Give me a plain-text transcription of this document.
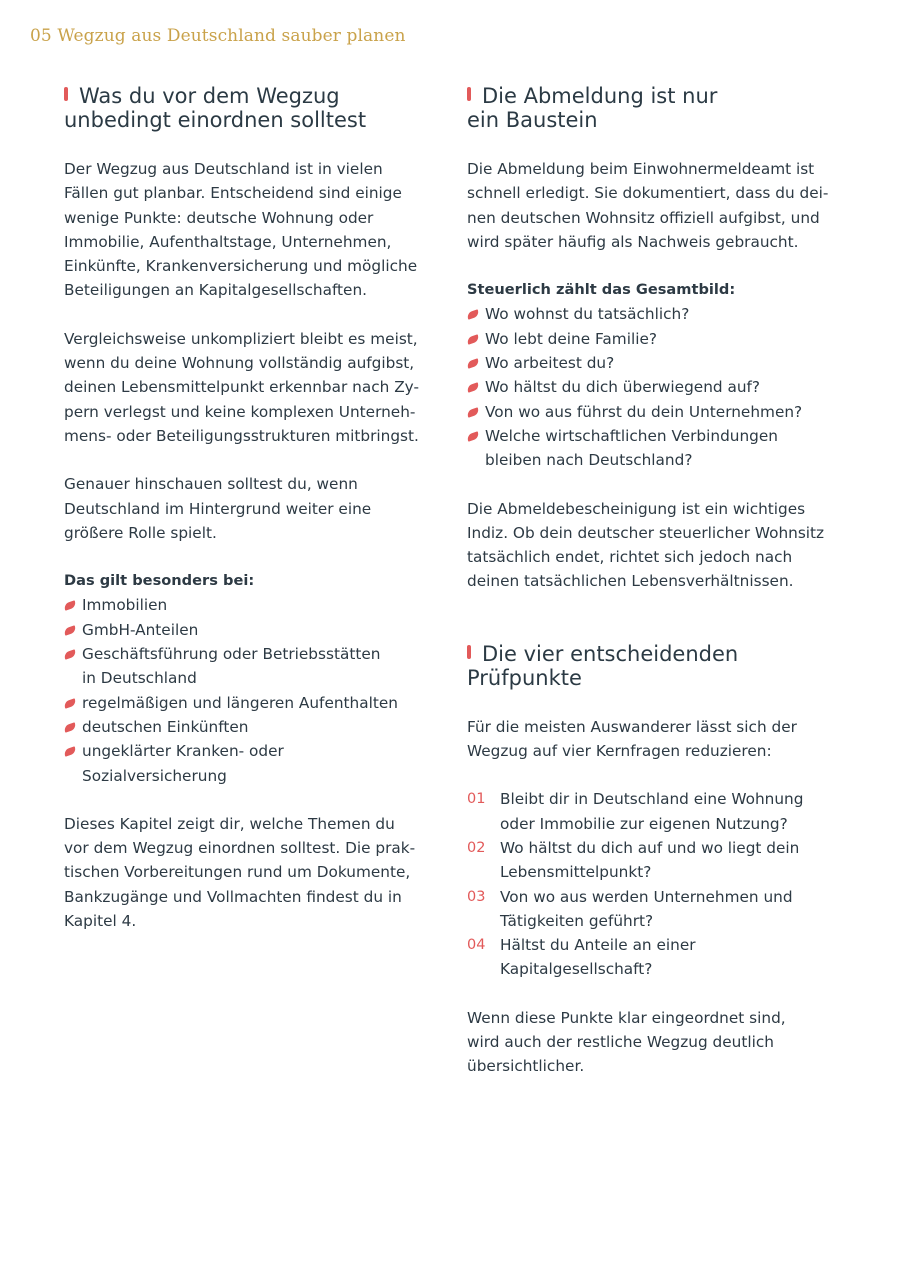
05 Wegzug aus Deutschland sauber planen
Was du vor dem Wegzug
unbedingt einordnen solltest

Der Wegzug aus Deutschland ist in vielen
Fällen gut planbar. Entscheidend sind einige
wenige Punkte: deutsche Wohnung oder
Immobilie, Aufenthaltstage, Unternehmen,
Einkünfte, Krankenversicherung und mögliche
Beteiligungen an Kapitalgesellschaften.

Vergleichsweise unkompliziert bleibt es meist,
wenn du deine Wohnung vollständig aufgibst,
deinen Lebensmittelpunkt erkennbar nach Zy-
pern verlegst und keine komplexen Unterneh-
mens- oder Beteiligungsstrukturen mitbringst.

Genauer hinschauen solltest du, wenn
Deutschland im Hintergrund weiter eine
größere Rolle spielt.

Das gilt besonders bei:

Immobilien
GmbH-Anteilen
Geschäftsführung oder Betriebsstätten
in Deutschland
regelmäßigen und längeren Aufenthalten
deutschen Einkünften
ungeklärter Kranken- oder
Sozialversicherung

Dieses Kapitel zeigt dir, welche Themen du
vor dem Wegzug einordnen solltest. Die prak-
tischen Vorbereitungen rund um Dokumente,
Bankzugänge und Vollmachten findest du in
Kapitel 4.

Die Abmeldung ist nur
ein Baustein

Die Abmeldung beim Einwohnermeldeamt ist
schnell erledigt. Sie dokumentiert, dass du dei-
nen deutschen Wohnsitz offiziell aufgibst, und
wird später häufig als Nachweis gebraucht.

Steuerlich zählt das Gesamtbild:

Wo wohnst du tatsächlich?
Wo lebt deine Familie?
Wo arbeitest du?
Wo hältst du dich überwiegend auf?
Von wo aus führst du dein Unternehmen?
Welche wirtschaftlichen Verbindungen
bleiben nach Deutschland?

Die Abmeldebescheinigung ist ein wichtiges
Indiz. Ob dein deutscher steuerlicher Wohnsitz
tatsächlich endet, richtet sich jedoch nach
deinen tatsächlichen Lebensverhältnissen.

Die vier entscheidenden
Prüfpunkte

Für die meisten Auswanderer lässt sich der
Wegzug auf vier Kernfragen reduzieren:

01 Bleibt dir in Deutschland eine Wohnung
oder Immobilie zur eigenen Nutzung?
02 Wo hältst du dich auf und wo liegt dein
Lebensmittelpunkt?
03 Von wo aus werden Unternehmen und
Tätigkeiten geführt?
04 Hältst du Anteile an einer
Kapitalgesellschaft?

Wenn diese Punkte klar eingeordnet sind,
wird auch der restliche Wegzug deutlich
übersichtlicher.
